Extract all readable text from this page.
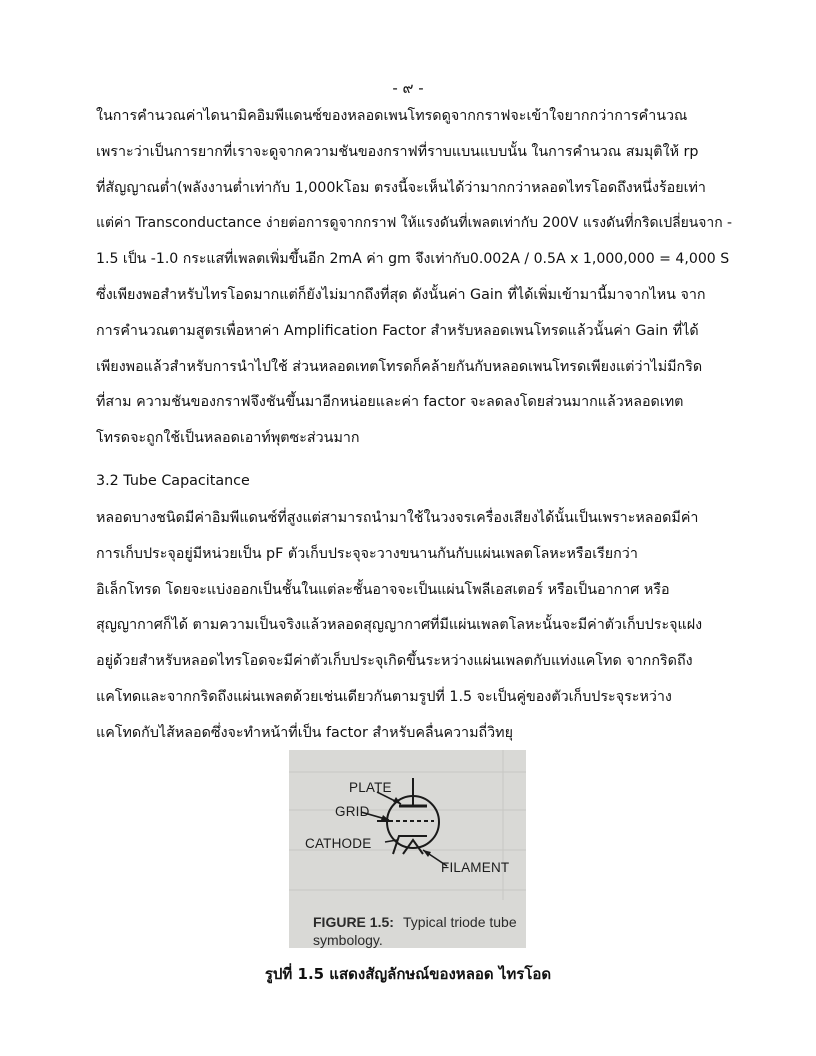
- ๙ -
ในการคำนวณค่าไดนามิคอิมพีแดนซ์ของหลอดเพนโทรดดูจากกราฟจะเข้าใจยากกว่าการคำนวณ
เพราะว่าเป็นการยากที่เราจะดูจากความชันของกราฟที่ราบแบนแบบนั้น ในการคำนวณ สมมุติให้ rp
ที่สัญญาณต่ำ(พลังงานต่ำเท่ากับ 1,000kโอม ตรงนี้จะเห็นได้ว่ามากกว่าหลอดไทรโอดถึงหนึ่งร้อยเท่า
แต่ค่า Transconductance ง่ายต่อการดูจากกราฟ ให้แรงดันที่เพลตเท่ากับ 200V แรงดันที่กริดเปลี่ยนจาก -
1.5 เป็น -1.0 กระแสที่เพลตเพิ่มขึ้นอีก 2mA ค่า gm จึงเท่ากับ0.002A / 0.5A x 1,000,000 = 4,000 S
ซึ่งเพียงพอสำหรับไทรโอดมากแต่ก็ยังไม่มากถึงที่สุด ดังนั้นค่า Gain ที่ได้เพิ่มเข้ามานี้มาจากไหน จาก
การคำนวณตามสูตรเพื่อหาค่า Amplification Factor สำหรับหลอดเพนโทรดแล้วนั้นค่า Gain ที่ได้
เพียงพอแล้วสำหรับการนำไปใช้ ส่วนหลอดเทตโทรดก็คล้ายกันกับหลอดเพนโทรดเพียงแต่ว่าไม่มีกริด
ที่สาม ความชันของกราฟจึงชันขึ้นมาอีกหน่อยและค่า factor จะลดลงโดยส่วนมากแล้วหลอดเทต
โทรดจะถูกใช้เป็นหลอดเอาท์พุตซะส่วนมาก
3.2 Tube Capacitance
หลอดบางชนิดมีค่าอิมพีแดนซ์ที่สูงแต่สามารถนำมาใช้ในวงจรเครื่องเสียงได้นั้นเป็นเพราะหลอดมีค่า
การเก็บประจุอยู่มีหน่วยเป็น pF ตัวเก็บประจุจะวางขนานกันกับแผ่นเพลตโลหะหรือเรียกว่า
อิเล็กโทรด โดยจะแบ่งออกเป็นชั้นในแต่ละชั้นอาจจะเป็นแผ่นโพลีเอสเตอร์ หรือเป็นอากาศ หรือ
สุญญากาศก็ได้ ตามความเป็นจริงแล้วหลอดสุญญากาศที่มีแผ่นเพลตโลหะนั้นจะมีค่าตัวเก็บประจุแฝง
อยู่ด้วยสำหรับหลอดไทรโอดจะมีค่าตัวเก็บประจุเกิดขึ้นระหว่างแผ่นเพลตกับแท่งแคโทด จากกริดถึง
แคโทดและจากกริดถึงแผ่นเพลตด้วยเช่นเดียวกันตามรูปที่ 1.5 จะเป็นคู่ของตัวเก็บประจุระหว่าง
แคโทดกับไส้หลอดซึ่งจะทำหน้าที่เป็น factor สำหรับคลื่นความถี่วิทยุ
PLATE
GRID
CATHODE
FILAMENT
FIGURE 1.5: Typical triode tube
symbology.
รูปที่ 1.5 แสดงสัญลักษณ์ของหลอด ไทรโอด
